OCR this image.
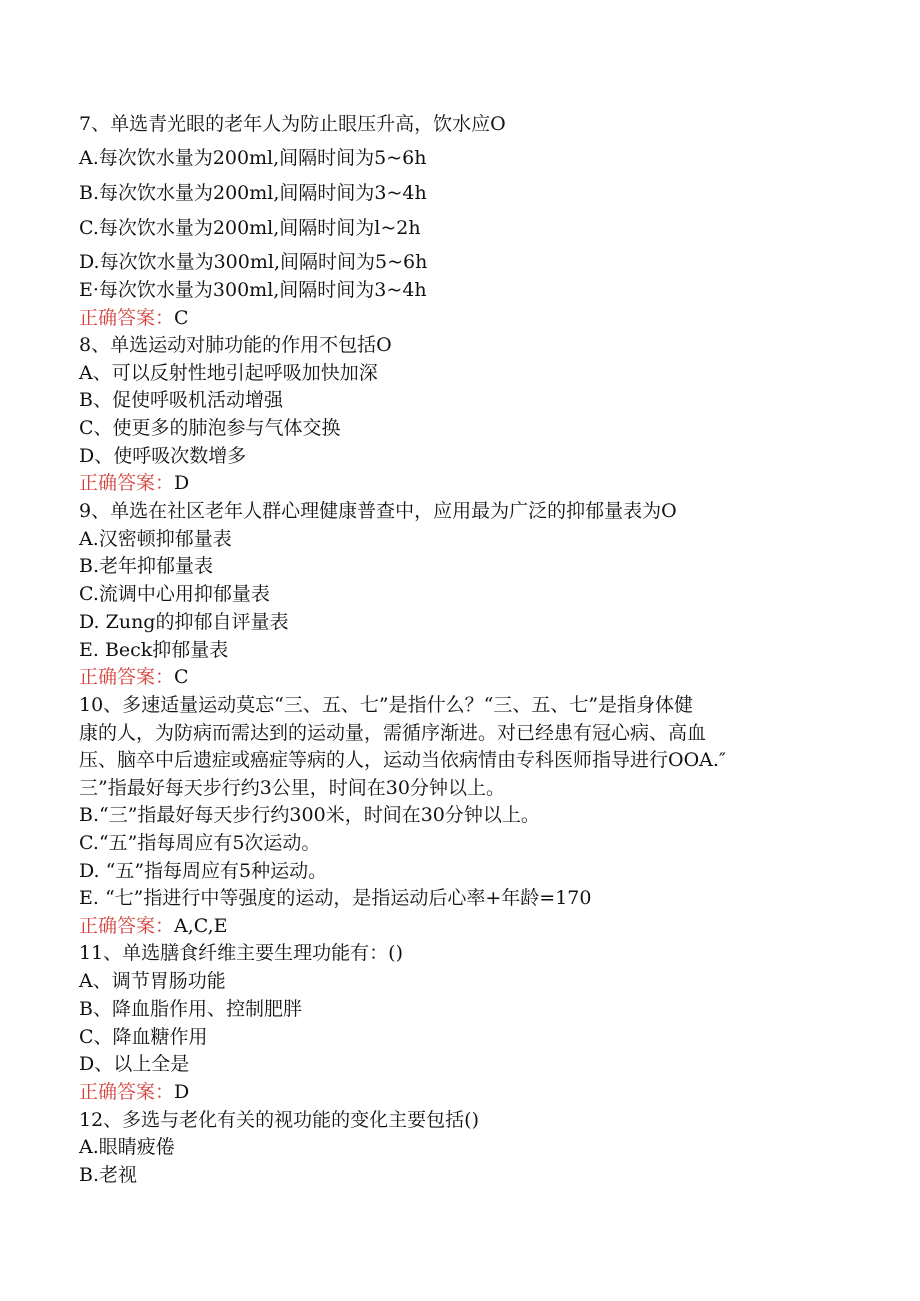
7、单选青光眼的老年人为防止眼压升高，饮水应O
A.每次饮水量为200ml,间隔时间为5~6h
B.每次饮水量为200ml,间隔时间为3~4h
C.每次饮水量为200ml,间隔时间为l~2h
D.每次饮水量为300ml,间隔时间为5~6h
E·每次饮水量为300ml,间隔时间为3~4h
正确答案：C
8、单选运动对肺功能的作用不包括O
A、可以反射性地引起呼吸加快加深
B、促使呼吸机活动增强
C、使更多的肺泡参与气体交换
D、使呼吸次数增多
正确答案：D
9、单选在社区老年人群心理健康普查中，应用最为广泛的抑郁量表为O
A.汉密顿抑郁量表
B.老年抑郁量表
C.流调中心用抑郁量表
D. Zung的抑郁自评量表
E. Beck抑郁量表
正确答案：C
10、多速适量运动莫忘“三、五、七”是指什么？“三、五、七”是指身体健
康的人，为防病而需达到的运动量，需循序渐进。对已经患有冠心病、高血
压、脑卒中后遗症或癌症等病的人，运动当依病情由专科医师指导进行OOA.″
三”指最好每天步行约3公里，时间在30分钟以上。
B.“三”指最好每天步行约300米，时间在30分钟以上。
C.“五”指每周应有5次运动。
D. “五”指每周应有5种运动。
E. “七”指进行中等强度的运动，是指运动后心率+年龄=170
正确答案：A,C,E
11、单选膳食纤维主要生理功能有：()
A、调节胃肠功能
B、降血脂作用、控制肥胖
C、降血糖作用
D、以上全是
正确答案：D
12、多选与老化有关的视功能的变化主要包括()
A.眼睛疲倦
B.老视
